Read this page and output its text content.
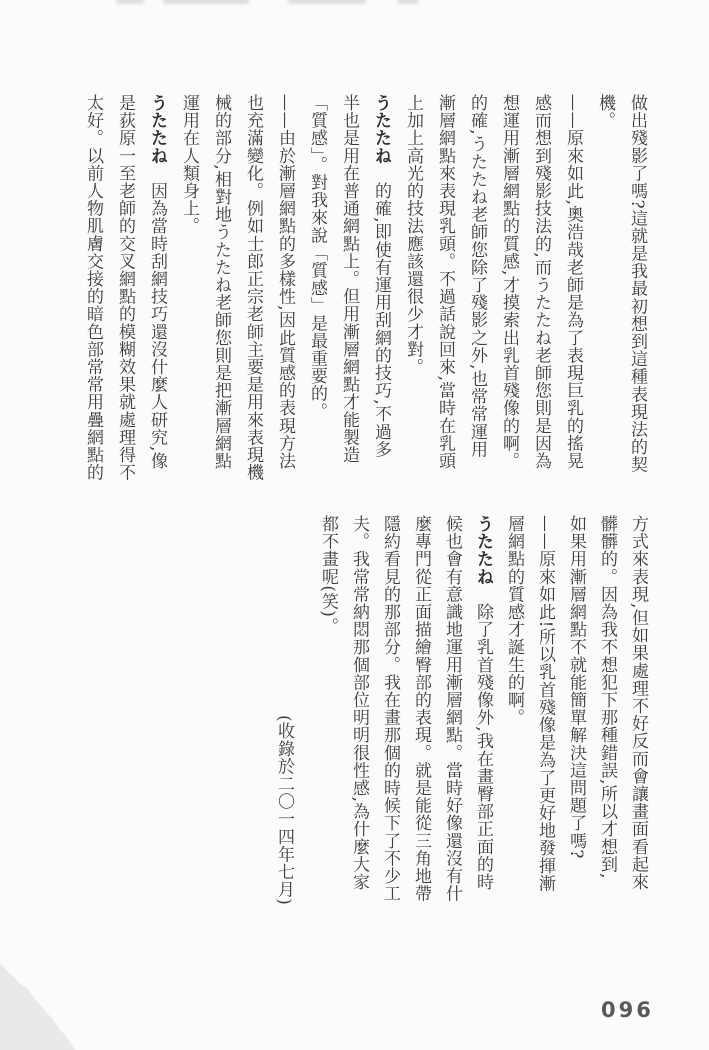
做出殘影了嗎?這就是我最初想到這種表現法的契
機。
——原來如此,奧浩哉老師是為了表現巨乳的搖晃
感而想到殘影技法的,而うたたね老師您則是因為
想運用漸層網點的質感,才摸索出乳首殘像的啊。
的確,うたたね老師您除了殘影之外,也常常運用
漸層網點來表現乳頭。不過話說回來,當時在乳頭
上加上高光的技法應該還很少才對。
うたたね　的確,即使有運用刮網的技巧,不過多
半也是用在普通網點上。但用漸層網點才能製造
「質感」。對我來說「質感」是最重要的。
——由於漸層網點的多樣性,因此質感的表現方法
也充滿變化。例如士郎正宗老師主要是用來表現機
械的部分,相對地うたたね老師您則是把漸層網點
運用在人類身上。
うたたね　因為當時刮網技巧還沒什麼人研究,像
是荻原一至老師的交叉網點的模糊效果就處理得不
太好。以前人物肌膚交接的暗色部常常用疊網點的
方式來表現,但如果處理不好反而會讓畫面看起來
髒髒的。因為我不想犯下那種錯誤,所以才想到,
如果用漸層網點不就能簡單解決這問題了嗎?
——原來如此!所以乳首殘像是為了更好地發揮漸
層網點的質感才誕生的啊。
うたたね　除了乳首殘像外,我在畫臀部正面的時
候也會有意識地運用漸層網點。當時好像還沒有什
麼專門從正面描繪臀部的表現。就是能從三角地帶
隱約看見的那部分。我在畫那個的時候下了不少工
夫。我常常納悶那個部位明明很性感,為什麼大家
都不畫呢(笑)。
(收錄於二〇一四年七月)
096
